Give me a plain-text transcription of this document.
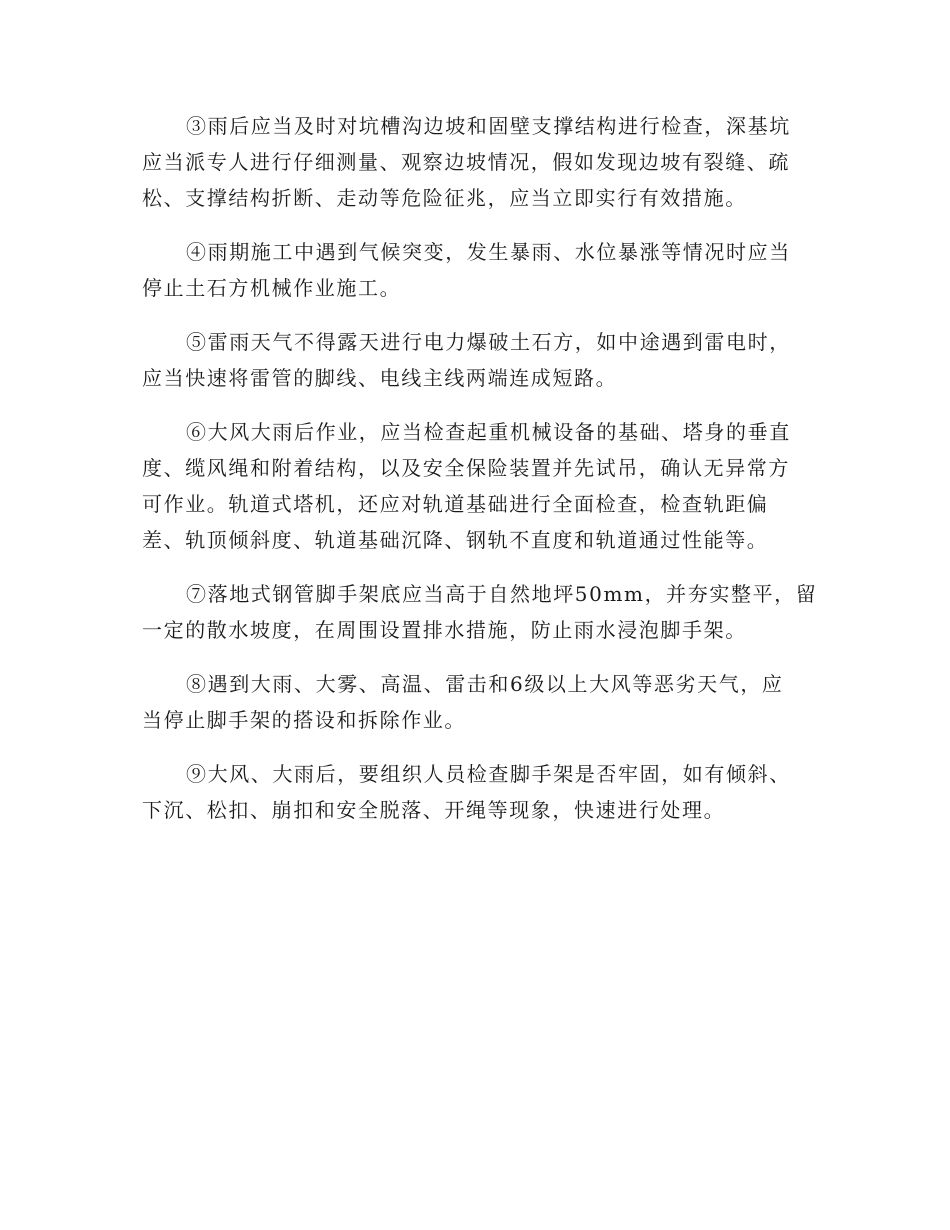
③雨后应当及时对坑槽沟边坡和固壁支撑结构进行检查，深基坑
应当派专人进行仔细测量、观察边坡情况，假如发现边坡有裂缝、疏
松、支撑结构折断、走动等危险征兆，应当立即实行有效措施。

④雨期施工中遇到气候突变，发生暴雨、水位暴涨等情况时应当
停止土石方机械作业施工。

⑤雷雨天气不得露天进行电力爆破土石方，如中途遇到雷电时，
应当快速将雷管的脚线、电线主线两端连成短路。

⑥大风大雨后作业，应当检查起重机械设备的基础、塔身的垂直
度、缆风绳和附着结构，以及安全保险装置并先试吊，确认无异常方
可作业。轨道式塔机，还应对轨道基础进行全面检查，检查轨距偏
差、轨顶倾斜度、轨道基础沉降、钢轨不直度和轨道通过性能等。

⑦落地式钢管脚手架底应当高于自然地坪50mm，并夯实整平，留
一定的散水坡度，在周围设置排水措施，防止雨水浸泡脚手架。

⑧遇到大雨、大雾、高温、雷击和6级以上大风等恶劣天气，应
当停止脚手架的搭设和拆除作业。

⑨大风、大雨后，要组织人员检查脚手架是否牢固，如有倾斜、
下沉、松扣、崩扣和安全脱落、开绳等现象，快速进行处理。
